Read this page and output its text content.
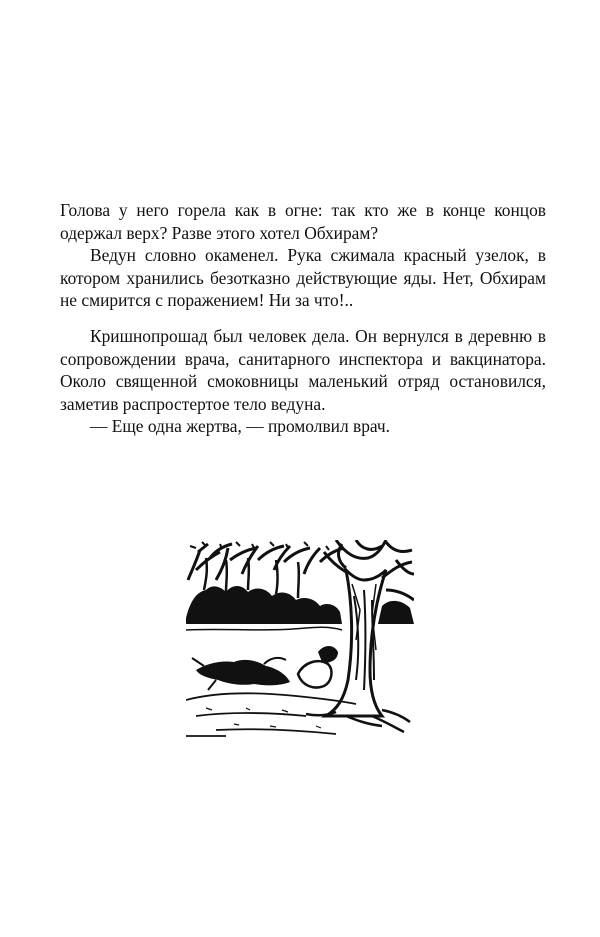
Голова у него горела как в огне: так кто же в конце концов одержал верх? Разве этого хотел Обхирам?

Ведун словно окаменел. Рука сжимала красный узелок, в котором хранились безотказно действующие яды. Нет, Обхирам не смирится с поражением! Ни за что!..

Кришнопрошад был человек дела. Он вернулся в деревню в сопровождении врача, санитарного инспектора и вакцинатора. Около священной смоковницы маленький отряд остановился, заметив распростертое тело ведуна.

— Еще одна жертва, — промолвил врач.
